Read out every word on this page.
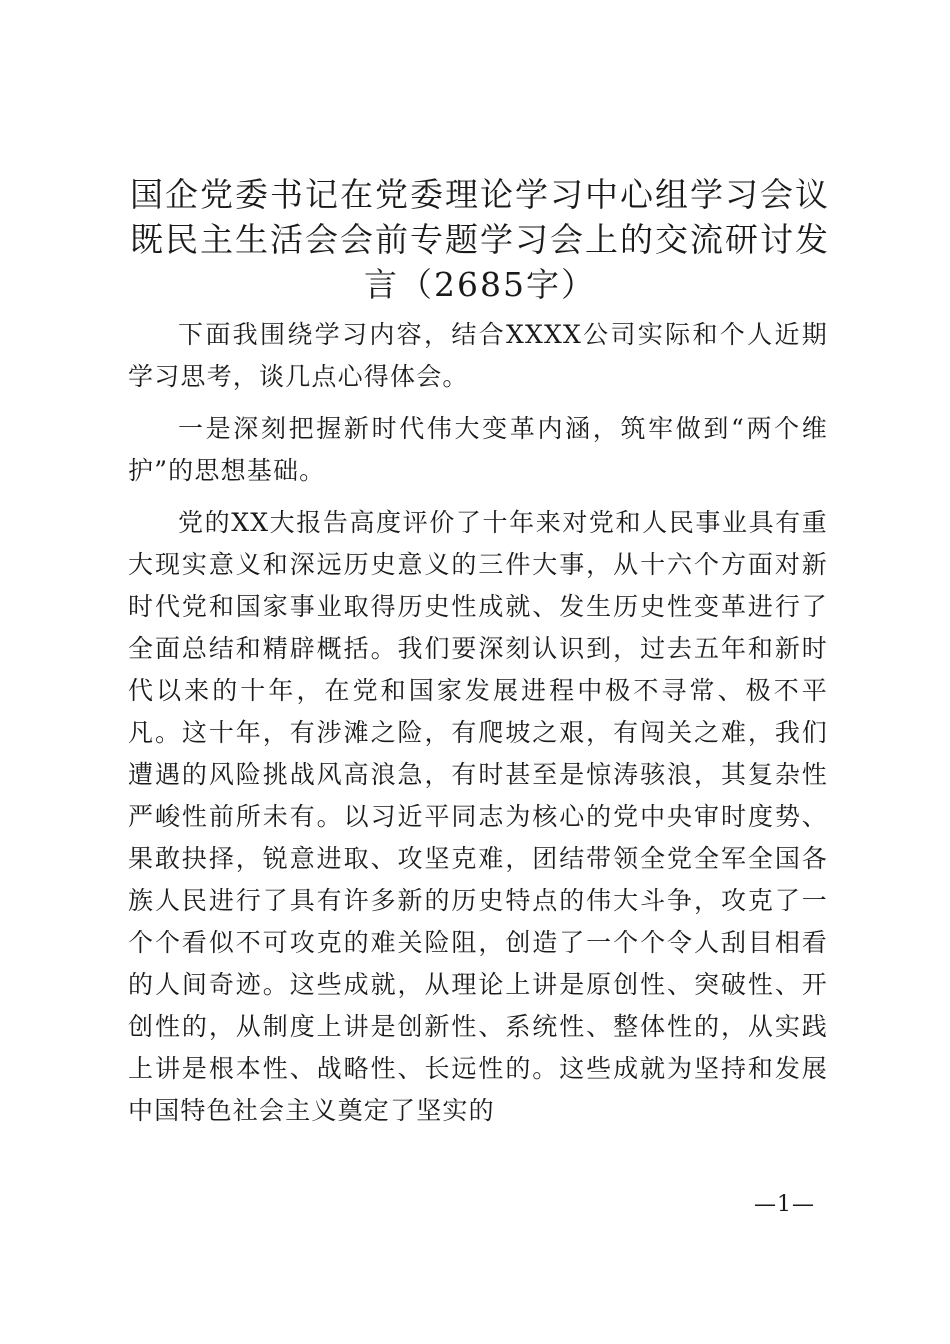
国企党委书记在党委理论学习中心组学习会议
既民主生活会会前专题学习会上的交流研讨发
言（2685字）

下面我围绕学习内容，结合XXXX公司实际和个人近期学习思考，谈几点心得体会。

一是深刻把握新时代伟大变革内涵，筑牢做到“两个维护”的思想基础。

党的XX大报告高度评价了十年来对党和人民事业具有重大现实意义和深远历史意义的三件大事，从十六个方面对新时代党和国家事业取得历史性成就、发生历史性变革进行了全面总结和精辟概括。我们要深刻认识到，过去五年和新时代以来的十年，在党和国家发展进程中极不寻常、极不平凡。这十年，有涉滩之险，有爬坡之艰，有闯关之难，我们遭遇的风险挑战风高浪急，有时甚至是惊涛骇浪，其复杂性严峻性前所未有。以习近平同志为核心的党中央审时度势、果敢抉择，锐意进取、攻坚克难，团结带领全党全军全国各族人民进行了具有许多新的历史特点的伟大斗争，攻克了一个个看似不可攻克的难关险阻，创造了一个个令人刮目相看的人间奇迹。这些成就，从理论上讲是原创性、突破性、开创性的，从制度上讲是创新性、系统性、整体性的，从实践上讲是根本性、战略性、长远性的。这些成就为坚持和发展中国特色社会主义奠定了坚实的

—1—
